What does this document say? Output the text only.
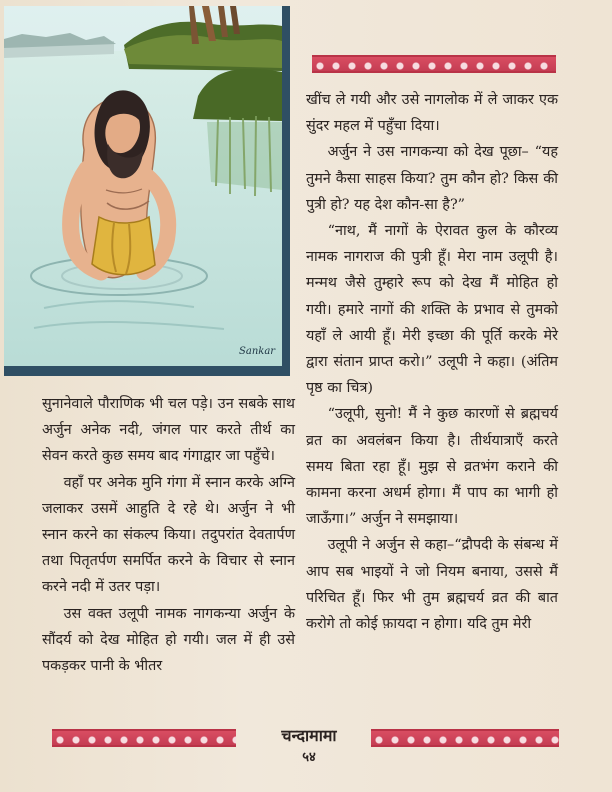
Sankar

सुनानेवाले पौराणिक भी चल पड़े। उन सबके साथ अर्जुन अनेक नदी, जंगल पार करते तीर्थ का सेवन करते कुछ समय बाद गंगाद्वार जा पहुँचे।

वहाँ पर अनेक मुनि गंगा में स्नान करके अग्नि जलाकर उसमें आहुति दे रहे थे। अर्जुन ने भी स्नान करने का संकल्प किया। तदुपरांत देवतार्पण तथा पितृतर्पण समर्पित करने के विचार से स्नान करने नदी में उतर पड़ा।

उस वक्त उलूपी नामक नागकन्या अर्जुन के सौंदर्य को देख मोहित हो गयी। जल में ही उसे पकड़कर पानी के भीतर

खींच ले गयी और उसे नागलोक में ले जाकर एक सुंदर महल में पहुँचा दिया।

अर्जुन ने उस नागकन्या को देख पूछा– “यह तुमने कैसा साहस किया? तुम कौन हो? किस की पुत्री हो? यह देश कौन-सा है?”

“नाथ, मैं नागों के ऐरावत कुल के कौरव्य नामक नागराज की पुत्री हूँ। मेरा नाम उलूपी है। मन्मथ जैसे तुम्हारे रूप को देख मैं मोहित हो गयी। हमारे नागों की शक्ति के प्रभाव से तुमको यहाँ ले आयी हूँ। मेरी इच्छा की पूर्ति करके मेरे द्वारा संतान प्राप्त करो।” उलूपी ने कहा। (अंतिम पृष्ठ का चित्र)

“उलूपी, सुनो! मैं ने कुछ कारणों से ब्रह्मचर्य व्रत का अवलंबन किया है। तीर्थयात्राएँ करते समय बिता रहा हूँ। मुझ से व्रतभंग कराने की कामना करना अधर्म होगा। मैं पाप का भागी हो जाऊँगा।” अर्जुन ने समझाया।

उलूपी ने अर्जुन से कहा–“द्रौपदी के संबन्ध में आप सब भाइयों ने जो नियम बनाया, उससे मैं परिचित हूँ। फिर भी तुम ब्रह्मचर्य व्रत की बात करोगे तो कोई फ़ायदा न होगा। यदि तुम मेरी

चन्दामामा
५४
